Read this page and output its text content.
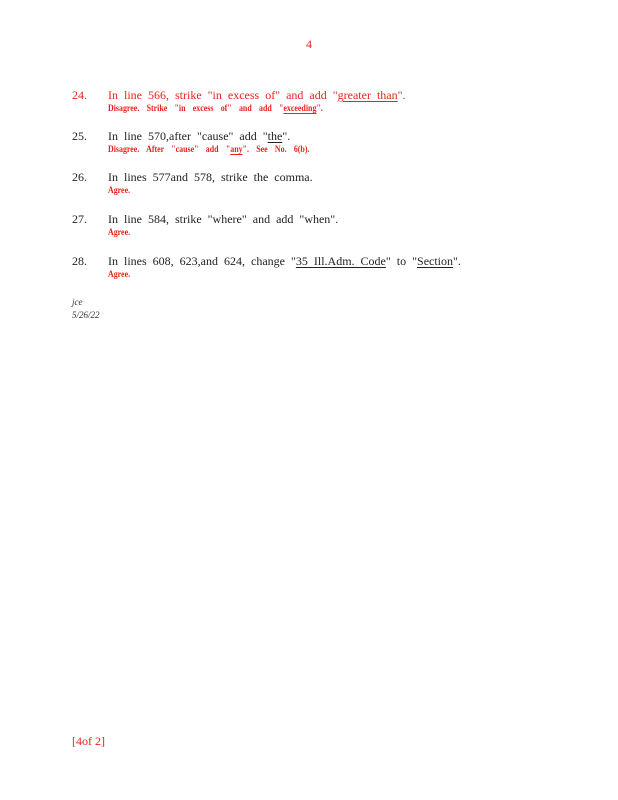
4
24. In line 566, strike "in excess of" and add "greater than".
Disagree. Strike "in excess of" and add "exceeding".
25. In line 570,after "cause" add "the".
Disagree. After "cause" add "any". See No. 6(b).
26. In lines 577and 578, strike the comma.
Agree.
27. In line 584, strike "where" and add "when".
Agree.
28. In lines 608, 623,and 624, change "35 Ill.Adm. Code" to "Section".
Agree.
jce
5/26/22
[4of 2]
